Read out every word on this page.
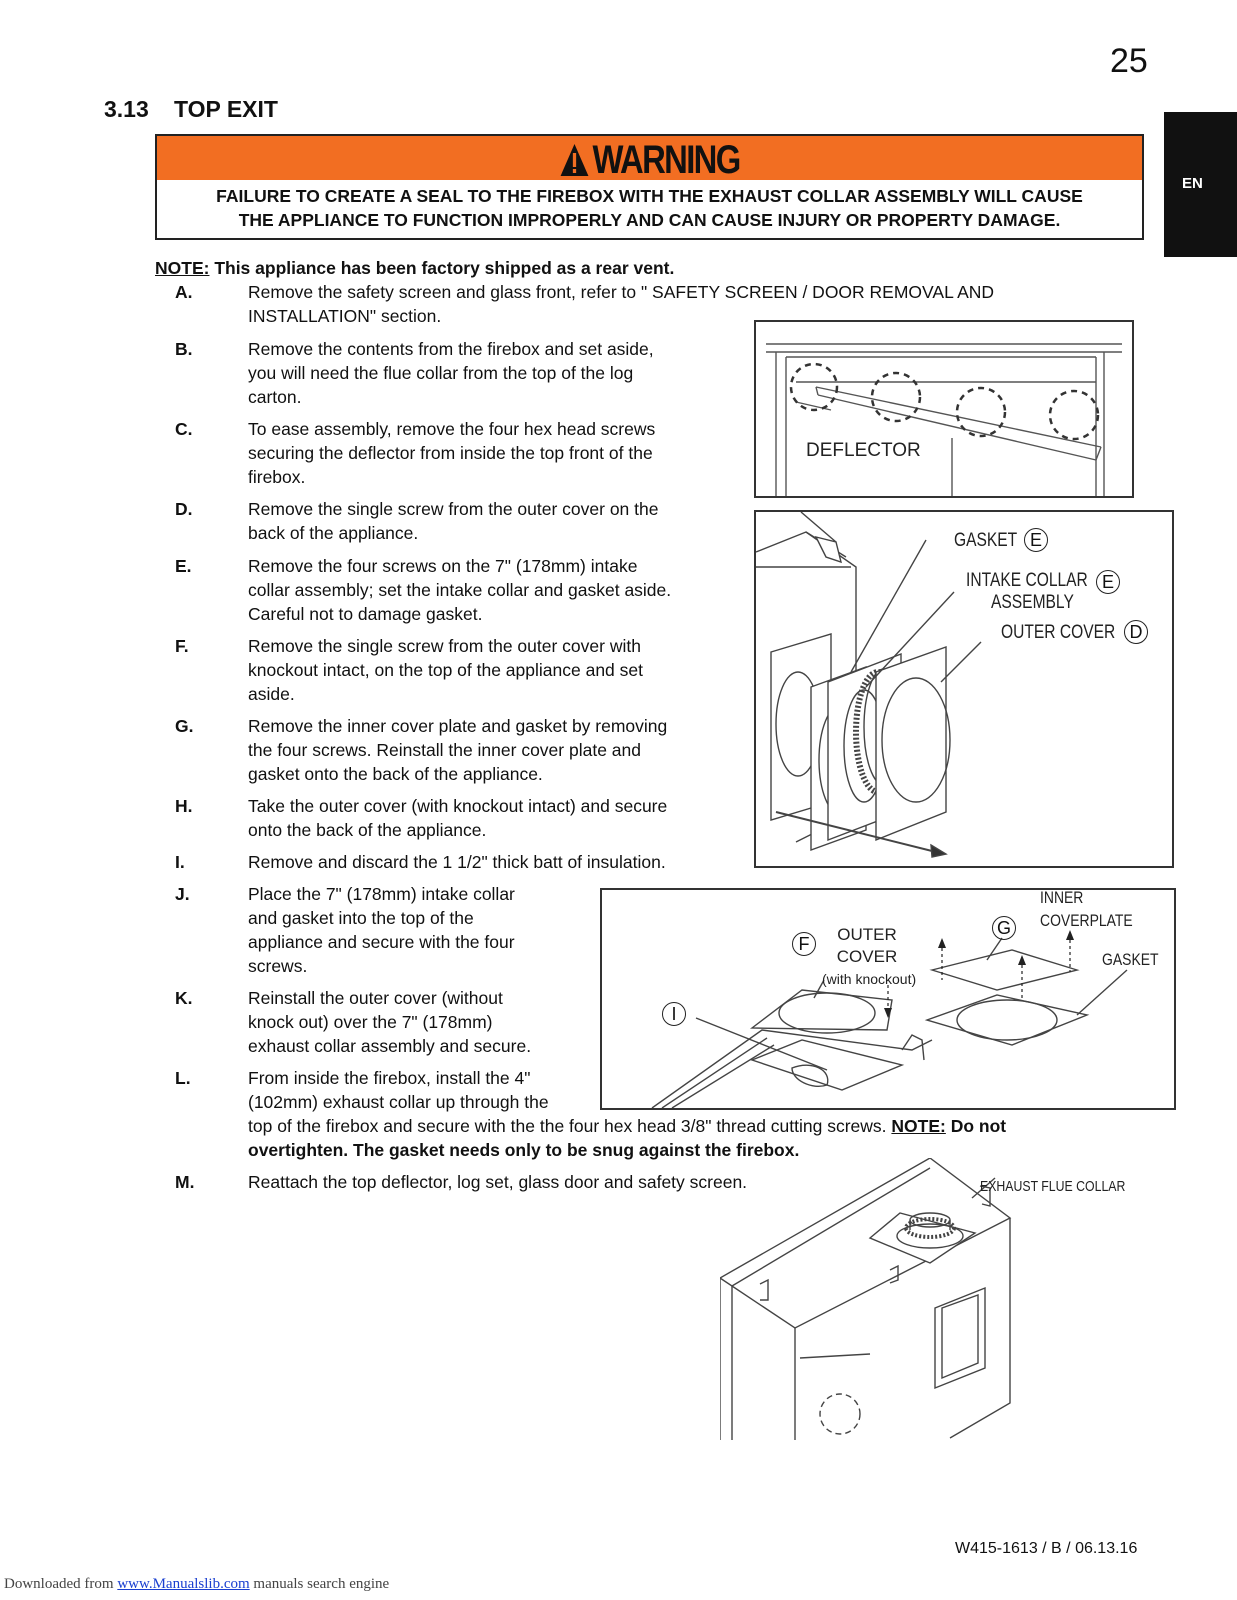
25
3.13 TOP EXIT
EN
WARNING
FAILURE TO CREATE A SEAL TO THE FIREBOX WITH THE EXHAUST COLLAR ASSEMBLY WILL CAUSE
THE APPLIANCE TO FUNCTION IMPROPERLY AND CAN CAUSE INJURY OR PROPERTY DAMAGE.
NOTE: This appliance has been factory shipped as a rear vent.
A.	Remove the safety screen and glass front, refer to " SAFETY SCREEN / DOOR REMOVAL AND
INSTALLATION" section.
B.	Remove the contents from the firebox and set aside,
you will need the flue collar from the top of the log
carton.
C.	To ease assembly, remove the four hex head screws
securing the deflector from inside the top front of the
firebox.
D.	Remove the single screw from the outer cover on the
back of the appliance.
E.	Remove the four screws on the 7" (178mm) intake
collar assembly; set the intake collar and gasket aside.
Careful not to damage gasket.
F.	Remove the single screw from the outer cover with
knockout intact, on the top of the appliance and set
aside.
G.	Remove the inner cover plate and gasket by removing
the four screws. Reinstall the inner cover plate and
gasket onto the back of the appliance.
H.	Take the outer cover (with knockout intact) and secure
onto the back of the appliance.
I.	Remove and discard the 1 1/2" thick batt of insulation.
J.	Place the 7" (178mm) intake collar
and gasket into the top of the
appliance and secure with the four
screws.
K.	Reinstall the outer cover (without
knock out) over the 7" (178mm)
exhaust collar assembly and secure.
L.	From inside the firebox, install the 4"
(102mm) exhaust collar up through the
top of the firebox and secure with the the four hex head 3/8" thread cutting screws. NOTE: Do not
overtighten. The gasket needs only to be snug against the firebox.
M.	Reattach the top deflector, log set, glass door and safety screen.
DEFLECTOR
GASKET E
INTAKE COLLAR
ASSEMBLY
E
OUTER COVER D
INNER
COVERPLATE
G
GASKET
OUTER
COVER
(with knockout)
F
I
EXHAUST FLUE COLLAR
W415-1613 / B / 06.13.16
Downloaded from www.Manualslib.com manuals search engine
